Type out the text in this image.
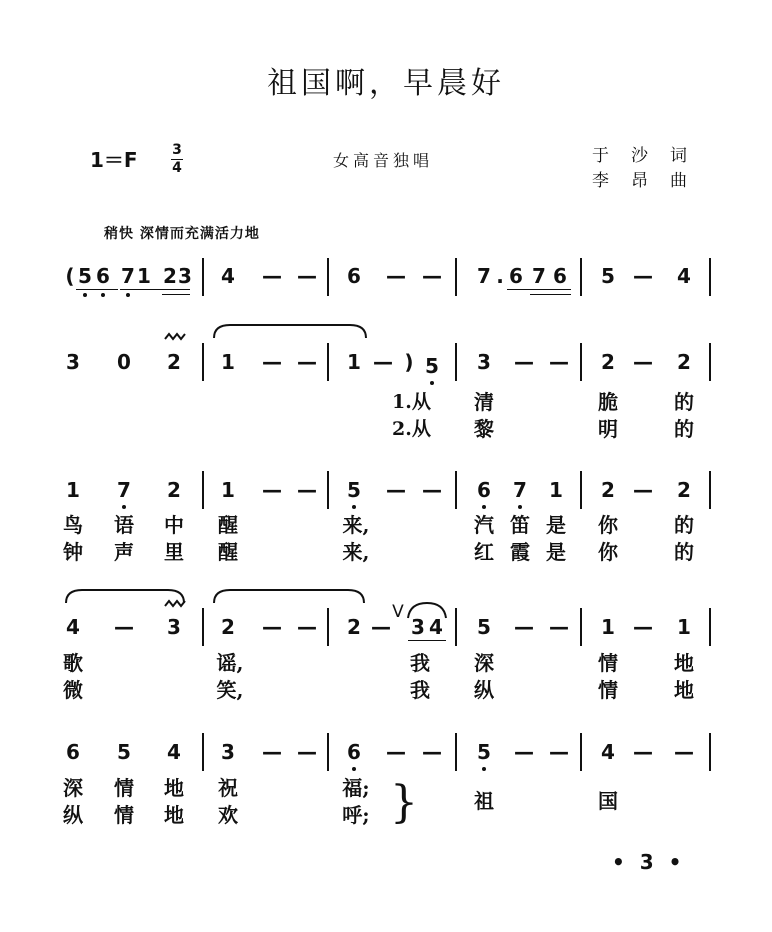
祖国啊，早晨好
1＝F 3
4	女高音独唱	于沙词
李昂曲
稍快 深情而充满活力地
( 5 6 7 1 2 3 4 — — 6 — — 7 . 6 7 6 5 — 4
3 0 2 1 — — 1 — ) 5 3 — — 2 — 2
1.从
2.从
清	脆	的
黎	明	的
1 7 2 1 — — 5 — — 6 7 1 2 — 2
鸟 语 中 醒	来,	汽 笛 是 你	的
钟 声 里 醒	来,	红 霞 是 你	的
4 — 3 2 — — 2 —
V
3 4 5 — — 1 — 1
歌	谣,	我 深	情	地
微	笑,	我 纵	情	地
6 5 4 3 — — 6 — — 5 — — 4 — —
深 情 地 祝	福;
纵 情 地 欢	呼; }	祖	国
• 3 •
